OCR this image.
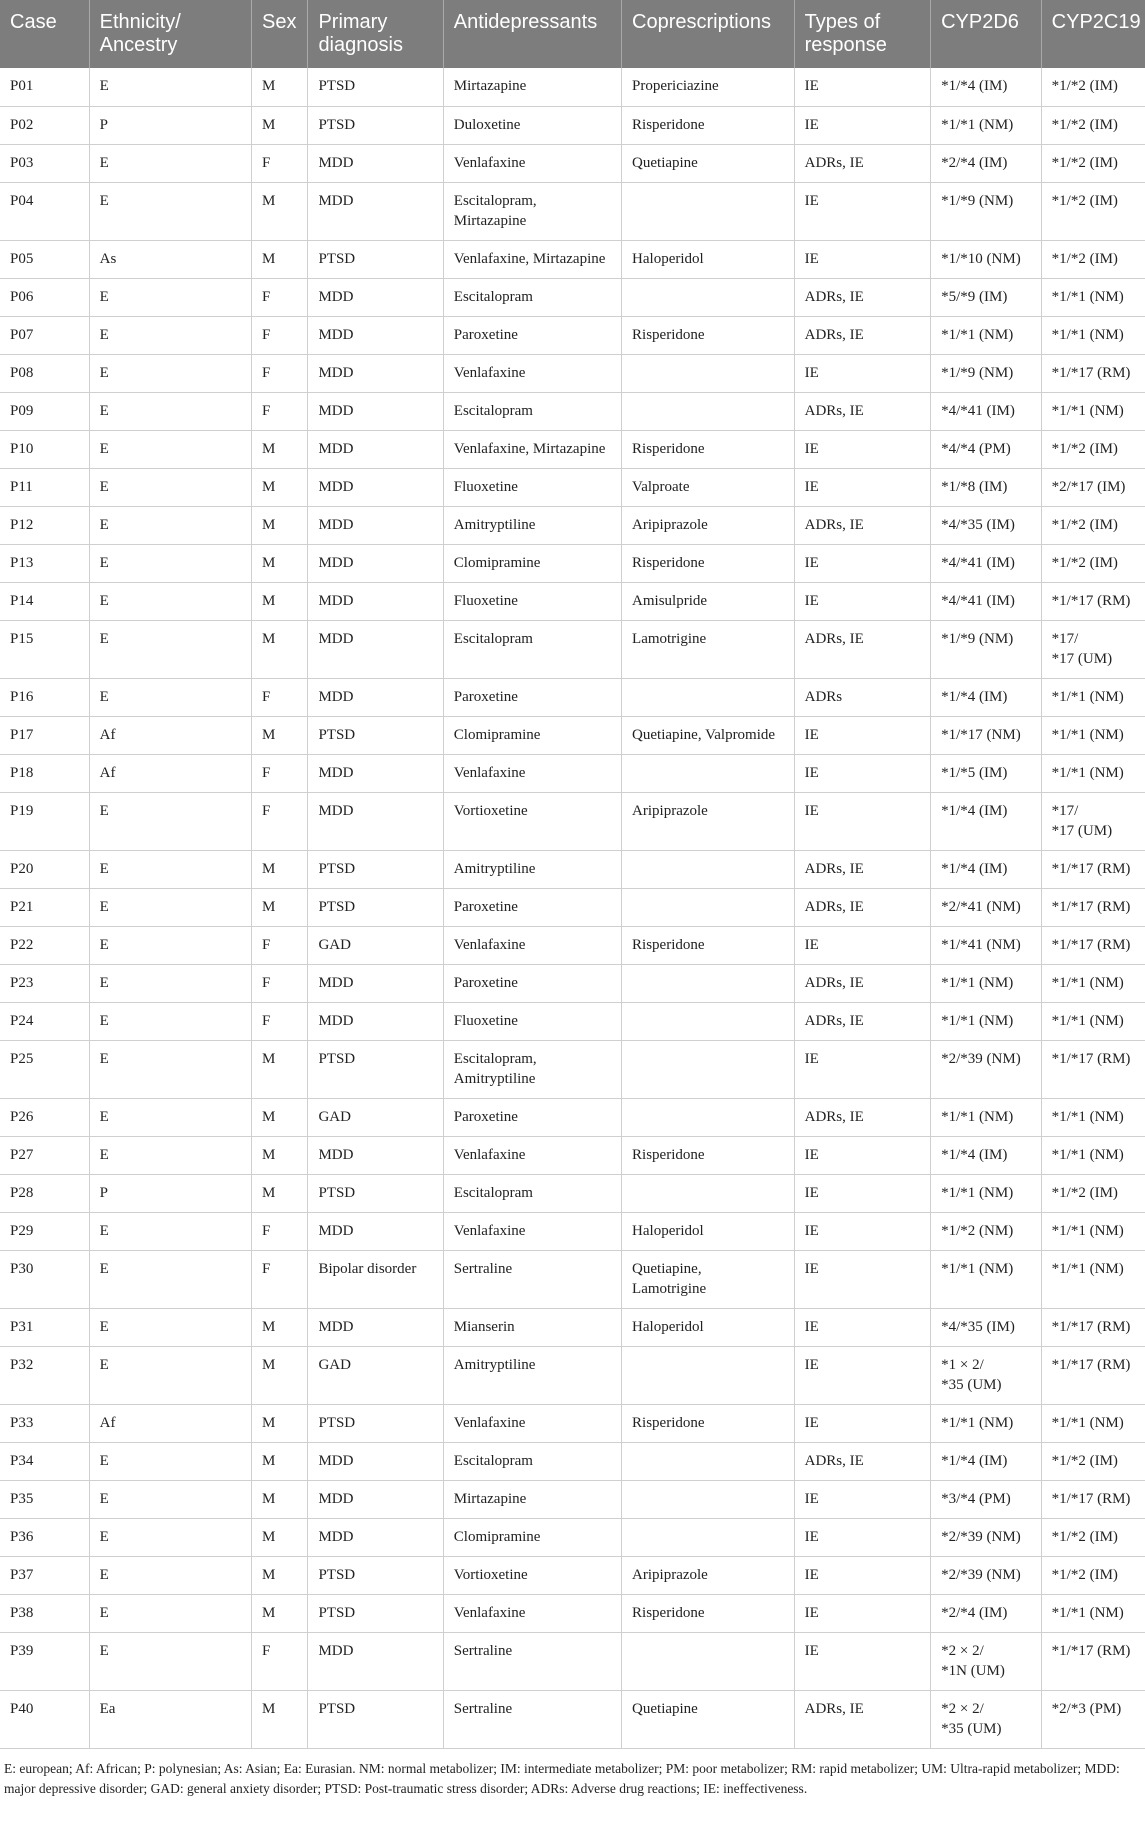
Case	Ethnicity/
Ancestry	Sex	Primary
diagnosis	Antidepressants	Coprescriptions	Types of
response	CYP2D6	CYP2C19
P01	E	M	PTSD	Mirtazapine	Propericiazine	IE	*1/*4 (IM)	*1/*2 (IM)
P02	P	M	PTSD	Duloxetine	Risperidone	IE	*1/*1 (NM)	*1/*2 (IM)
P03	E	F	MDD	Venlafaxine	Quetiapine	ADRs, IE	*2/*4 (IM)	*1/*2 (IM)
P04	E	M	MDD	Escitalopram,
Mirtazapine		IE	*1/*9 (NM)	*1/*2 (IM)
P05	As	M	PTSD	Venlafaxine, Mirtazapine	Haloperidol	IE	*1/*10 (NM)	*1/*2 (IM)
P06	E	F	MDD	Escitalopram		ADRs, IE	*5/*9 (IM)	*1/*1 (NM)
P07	E	F	MDD	Paroxetine	Risperidone	ADRs, IE	*1/*1 (NM)	*1/*1 (NM)
P08	E	F	MDD	Venlafaxine		IE	*1/*9 (NM)	*1/*17 (RM)
P09	E	F	MDD	Escitalopram		ADRs, IE	*4/*41 (IM)	*1/*1 (NM)
P10	E	M	MDD	Venlafaxine, Mirtazapine	Risperidone	IE	*4/*4 (PM)	*1/*2 (IM)
P11	E	M	MDD	Fluoxetine	Valproate	IE	*1/*8 (IM)	*2/*17 (IM)
P12	E	M	MDD	Amitryptiline	Aripiprazole	ADRs, IE	*4/*35 (IM)	*1/*2 (IM)
P13	E	M	MDD	Clomipramine	Risperidone	IE	*4/*41 (IM)	*1/*2 (IM)
P14	E	M	MDD	Fluoxetine	Amisulpride	IE	*4/*41 (IM)	*1/*17 (RM)
P15	E	M	MDD	Escitalopram	Lamotrigine	ADRs, IE	*1/*9 (NM)	*17/
*17 (UM)
P16	E	F	MDD	Paroxetine		ADRs	*1/*4 (IM)	*1/*1 (NM)
P17	Af	M	PTSD	Clomipramine	Quetiapine, Valpromide	IE	*1/*17 (NM)	*1/*1 (NM)
P18	Af	F	MDD	Venlafaxine		IE	*1/*5 (IM)	*1/*1 (NM)
P19	E	F	MDD	Vortioxetine	Aripiprazole	IE	*1/*4 (IM)	*17/
*17 (UM)
P20	E	M	PTSD	Amitryptiline		ADRs, IE	*1/*4 (IM)	*1/*17 (RM)
P21	E	M	PTSD	Paroxetine		ADRs, IE	*2/*41 (NM)	*1/*17 (RM)
P22	E	F	GAD	Venlafaxine	Risperidone	IE	*1/*41 (NM)	*1/*17 (RM)
P23	E	F	MDD	Paroxetine		ADRs, IE	*1/*1 (NM)	*1/*1 (NM)
P24	E	F	MDD	Fluoxetine		ADRs, IE	*1/*1 (NM)	*1/*1 (NM)
P25	E	M	PTSD	Escitalopram,
Amitryptiline		IE	*2/*39 (NM)	*1/*17 (RM)
P26	E	M	GAD	Paroxetine		ADRs, IE	*1/*1 (NM)	*1/*1 (NM)
P27	E	M	MDD	Venlafaxine	Risperidone	IE	*1/*4 (IM)	*1/*1 (NM)
P28	P	M	PTSD	Escitalopram		IE	*1/*1 (NM)	*1/*2 (IM)
P29	E	F	MDD	Venlafaxine	Haloperidol	IE	*1/*2 (NM)	*1/*1 (NM)
P30	E	F	Bipolar disorder	Sertraline	Quetiapine,
Lamotrigine	IE	*1/*1 (NM)	*1/*1 (NM)
P31	E	M	MDD	Mianserin	Haloperidol	IE	*4/*35 (IM)	*1/*17 (RM)
P32	E	M	GAD	Amitryptiline		IE	*1 × 2/
*35 (UM)	*1/*17 (RM)
P33	Af	M	PTSD	Venlafaxine	Risperidone	IE	*1/*1 (NM)	*1/*1 (NM)
P34	E	M	MDD	Escitalopram		ADRs, IE	*1/*4 (IM)	*1/*2 (IM)
P35	E	M	MDD	Mirtazapine		IE	*3/*4 (PM)	*1/*17 (RM)
P36	E	M	MDD	Clomipramine		IE	*2/*39 (NM)	*1/*2 (IM)
P37	E	M	PTSD	Vortioxetine	Aripiprazole	IE	*2/*39 (NM)	*1/*2 (IM)
P38	E	M	PTSD	Venlafaxine	Risperidone	IE	*2/*4 (IM)	*1/*1 (NM)
P39	E	F	MDD	Sertraline		IE	*2 × 2/
*1N (UM)	*1/*17 (RM)
P40	Ea	M	PTSD	Sertraline	Quetiapine	ADRs, IE	*2 × 2/
*35 (UM)	*2/*3 (PM)
E: european; Af: African; P: polynesian; As: Asian; Ea: Eurasian. NM: normal metabolizer; IM: intermediate metabolizer; PM: poor metabolizer; RM: rapid metabolizer; UM: Ultra-rapid metabolizer; MDD: major depressive disorder; GAD: general anxiety disorder; PTSD: Post-traumatic stress disorder; ADRs: Adverse drug reactions; IE: ineffectiveness.
